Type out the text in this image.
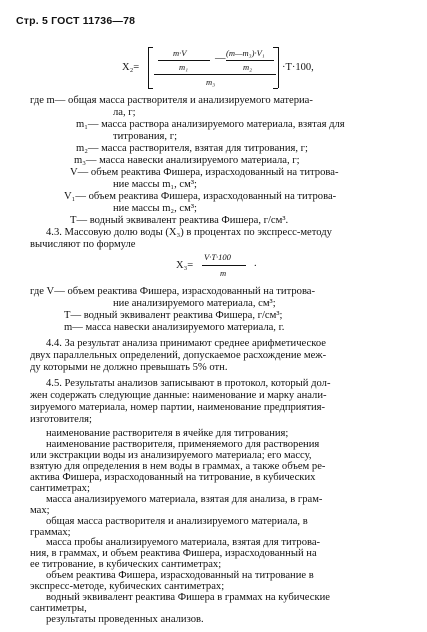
Стр. 5 ГОСТ 11736—78
X₂=
m·V
m₁
— (m—m₃)·V₁
m₂
m₃
·T·100,
где m— общая масса растворителя и анализируемого материа-
ла, г;
m₁— масса раствора анализируемого материала, взятая для
титрования, г;
m₂— масса растворителя, взятая для титрования, г;
m₃— масса навески анализируемого материала, г;
V— объем реактива Фишера, израсходованный на титрова-
ние массы m₁, см³;
V₁— объем реактива Фишера, израсходованный на титрова-
ние массы m₂, см³;
T— водный эквивалент реактива Фишера, г/см³.
4.3. Массовую долю воды (X₃) в процентах по экспресс-методу
вычисляют по формуле
X₃=
V·T·100
m
.
где V— объем реактива Фишера, израсходованный на титрова-
ние анализируемого материала, см³;
T— водный эквивалент реактива Фишера, г/см³;
m— масса навески анализируемого материала, г.
4.4. За результат анализа принимают среднее арифметическое
двух параллельных определений, допускаемое расхождение меж-
ду которыми не должно превышать 5% отн.
4.5. Результаты анализов записывают в протокол, который дол-
жен содержать следующие данные: наименование и марку анали-
зируемого материала, номер партии, наименование предприятия-
изготовителя;
наименование растворителя в ячейке для титрования;
наименование растворителя, применяемого для растворения
или экстракции воды из анализируемого материала; его массу,
взятую для определения в нем воды в граммах, а также объем ре-
активa Фишера, израсходованный на титрование, в кубических
сантиметрах;
масса анализируемого материала, взятая для анализа, в грам-
мах;
общая масса растворителя и анализируемого материала, в
граммах;
масса пробы анализируемого материала, взятая для титрова-
ния, в граммах, и объем реактива Фишера, израсходованный на
ее титрование, в кубических сантиметрах;
объем реактива Фишера, израсходованный на титрование в
экспресс-методе, кубических сантиметрах;
водный эквивалент реактива Фишера в граммах на кубические
сантиметры,
результаты проведенных анализов.
